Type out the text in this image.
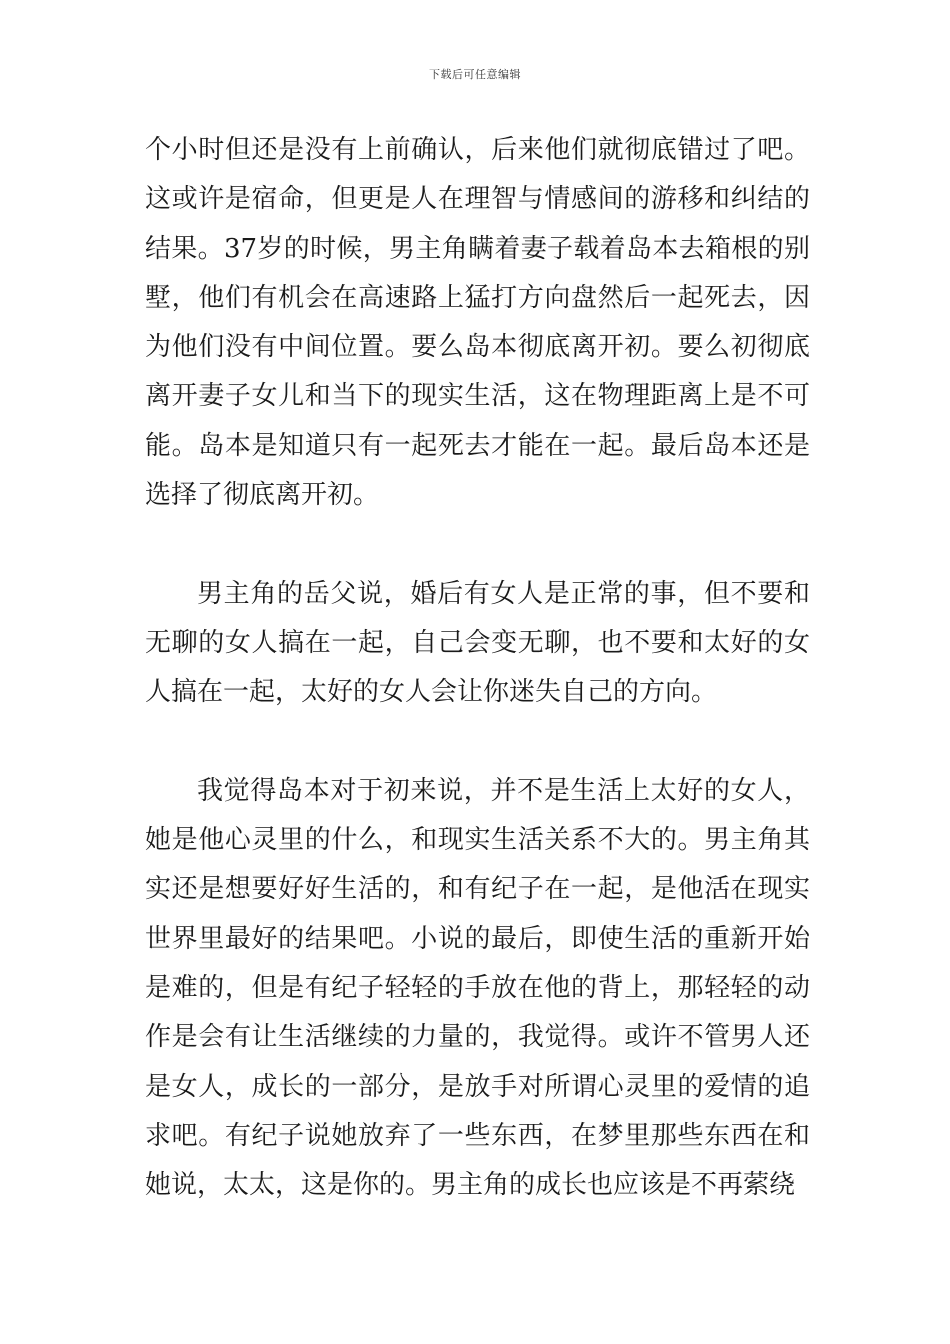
下载后可任意编辑

个小时但还是没有上前确认，后来他们就彻底错过了吧。这或许是宿命，但更是人在理智与情感间的游移和纠结的结果。37岁的时候，男主角瞒着妻子载着岛本去箱根的别墅，他们有机会在高速路上猛打方向盘然后一起死去，因为他们没有中间位置。要么岛本彻底离开初。要么初彻底离开妻子女儿和当下的现实生活，这在物理距离上是不可能。岛本是知道只有一起死去才能在一起。最后岛本还是选择了彻底离开初。

男主角的岳父说，婚后有女人是正常的事，但不要和无聊的女人搞在一起，自己会变无聊，也不要和太好的女人搞在一起，太好的女人会让你迷失自己的方向。

我觉得岛本对于初来说，并不是生活上太好的女人，她是他心灵里的什么，和现实生活关系不大的。男主角其实还是想要好好生活的，和有纪子在一起，是他活在现实世界里最好的结果吧。小说的最后，即使生活的重新开始是难的，但是有纪子轻轻的手放在他的背上，那轻轻的动作是会有让生活继续的力量的，我觉得。或许不管男人还是女人，成长的一部分，是放手对所谓心灵里的爱情的追求吧。有纪子说她放弃了一些东西，在梦里那些东西在和她说，太太，这是你的。男主角的成长也应该是不再萦绕
